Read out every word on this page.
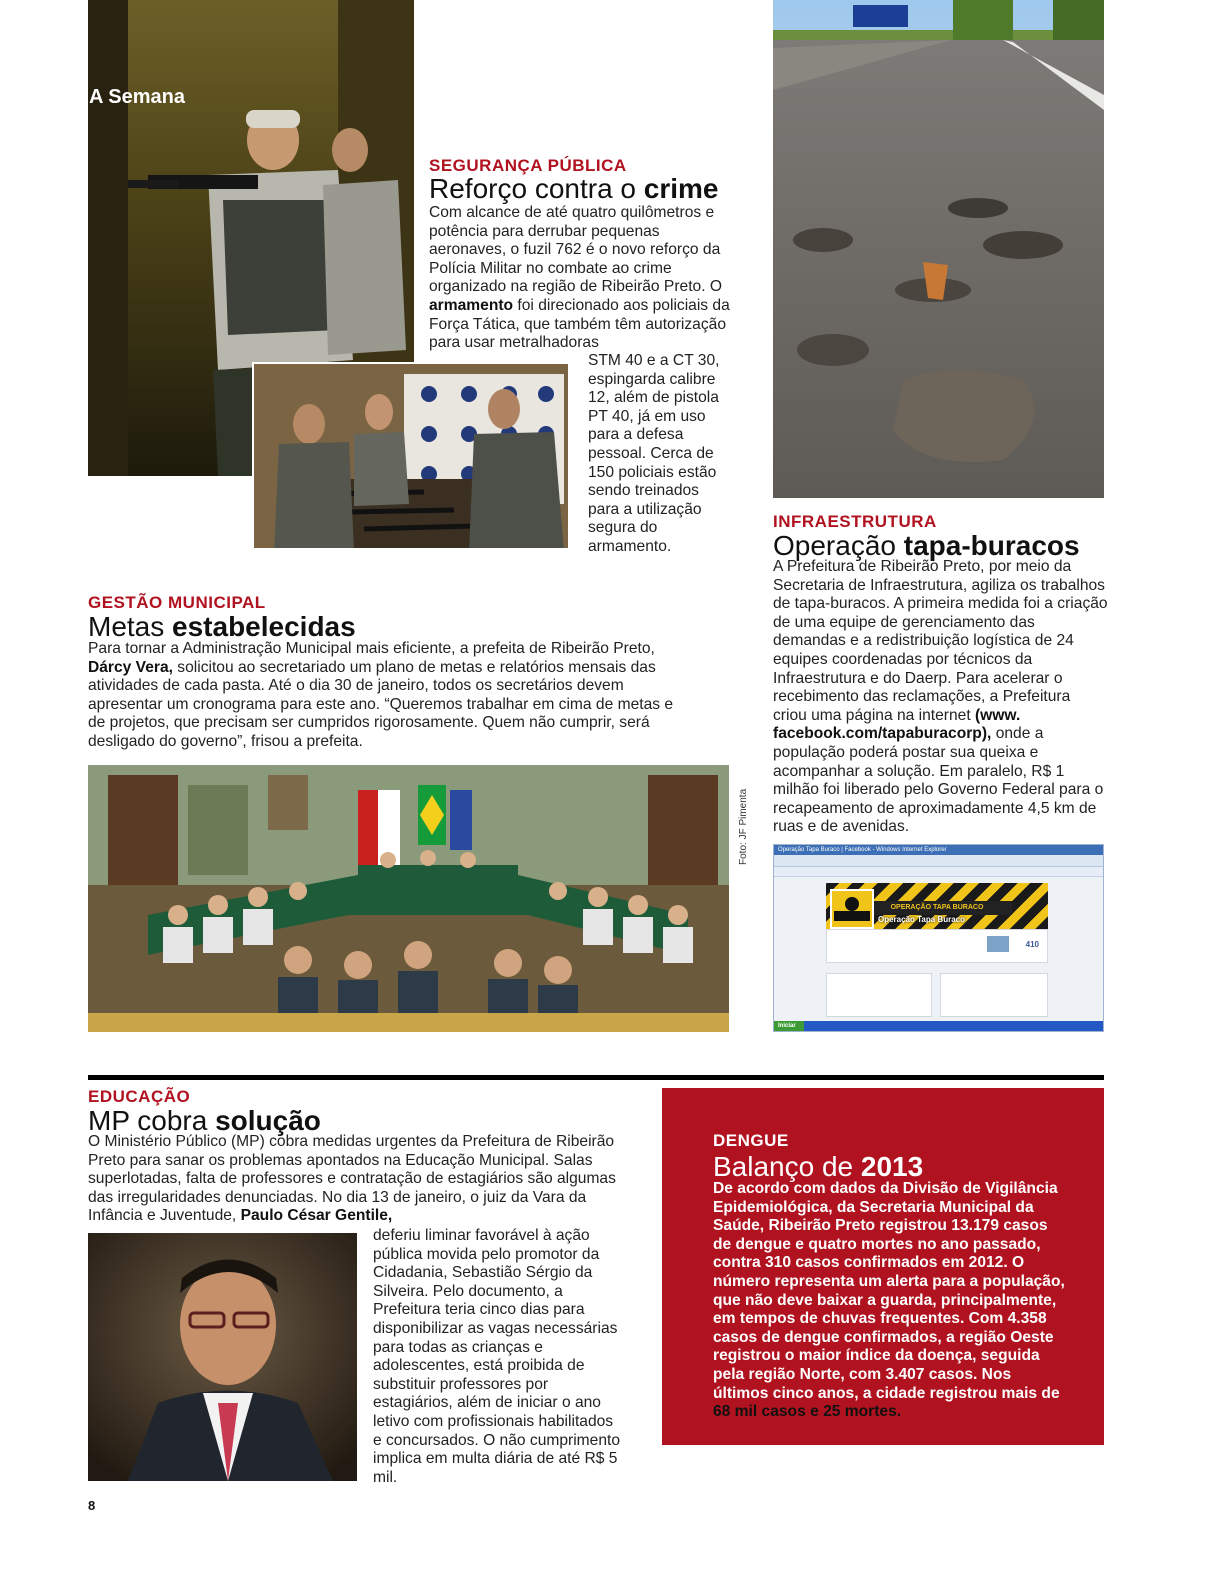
A Semana
SEGURANÇA PÚBLICA
Reforço contra o crime
Com alcance de até quatro quilômetros e potência para derrubar pequenas aeronaves, o fuzil 762 é o novo reforço da Polícia Militar no combate ao crime organizado na região de Ribeirão Preto. O armamento foi direcionado aos policiais da Força Tática, que também têm autorização para usar metralhadoras
STM 40 e a CT 30, espingarda calibre 12, além de pistola PT 40, já em uso para a defesa pessoal. Cerca de 150 policiais estão sendo treinados para a utilização segura do armamento.
INFRAESTRUTURA
Operação tapa-buracos
A Prefeitura de Ribeirão Preto, por meio da Secretaria de Infraestrutura, agiliza os trabalhos de tapa-buracos. A primeira medida foi a criação de uma equipe de gerenciamento das demandas e a redistribuição logística de 24 equipes coordenadas por técnicos da Infraestrutura e do Daerp. Para acelerar o recebimento das reclamações, a Prefeitura criou uma página na internet (www. facebook.com/tapaburacorp), onde a população poderá postar sua queixa e acompanhar a solução. Em paralelo, R$ 1 milhão foi liberado pelo Governo Federal para o recapeamento de aproximadamente 4,5 km de ruas e de avenidas.
Operação Tapa Buraco | Facebook - Windows Internet Explorer
OPERAÇÃO TAPA BURACO
Operação Tapa Buraco
410
Iniciar
GESTÃO MUNICIPAL
Metas estabelecidas
Para tornar a Administração Municipal mais eficiente, a prefeita de Ribeirão Preto, Dárcy Vera, solicitou ao secretariado um plano de metas e relatórios mensais das atividades de cada pasta. Até o dia 30 de janeiro, todos os secretários devem apresentar um cronograma para este ano. “Queremos trabalhar em cima de metas e de projetos, que precisam ser cumpridos rigorosamente. Quem não cumprir, será desligado do governo”, frisou a prefeita.
Foto: JF Pimenta
EDUCAÇÃO
MP cobra solução
O Ministério Público (MP) cobra medidas urgentes da Prefeitura de Ribeirão Preto para sanar os problemas apontados na Educação Municipal. Salas superlotadas, falta de professores e contratação de estagiários são algumas das irregularidades denunciadas. No dia 13 de janeiro, o juiz da Vara da Infância e Juventude, Paulo César Gentile,
deferiu liminar favorável à ação pública movida pelo promotor da Cidadania, Sebastião Sérgio da Silveira. Pelo documento, a Prefeitura teria cinco dias para disponibilizar as vagas necessárias para todas as crianças e adolescentes, está proibida de substituir professores por estagiários, além de iniciar o ano letivo com profissionais habilitados e concursados. O não cumprimento implica em multa diária de até R$ 5 mil.
DENGUE
Balanço de 2013
De acordo com dados da Divisão de Vigilância Epidemiológica, da Secretaria Municipal da Saúde, Ribeirão Preto registrou 13.179 casos de dengue e quatro mortes no ano passado, contra 310 casos confirmados em 2012. O número representa um alerta para a população, que não deve baixar a guarda, principalmente, em tempos de chuvas frequentes. Com 4.358 casos de dengue confirmados, a região Oeste registrou o maior índice da doença, seguida pela região Norte, com 3.407 casos. Nos últimos cinco anos, a cidade registrou mais de 68 mil casos e 25 mortes.
8
